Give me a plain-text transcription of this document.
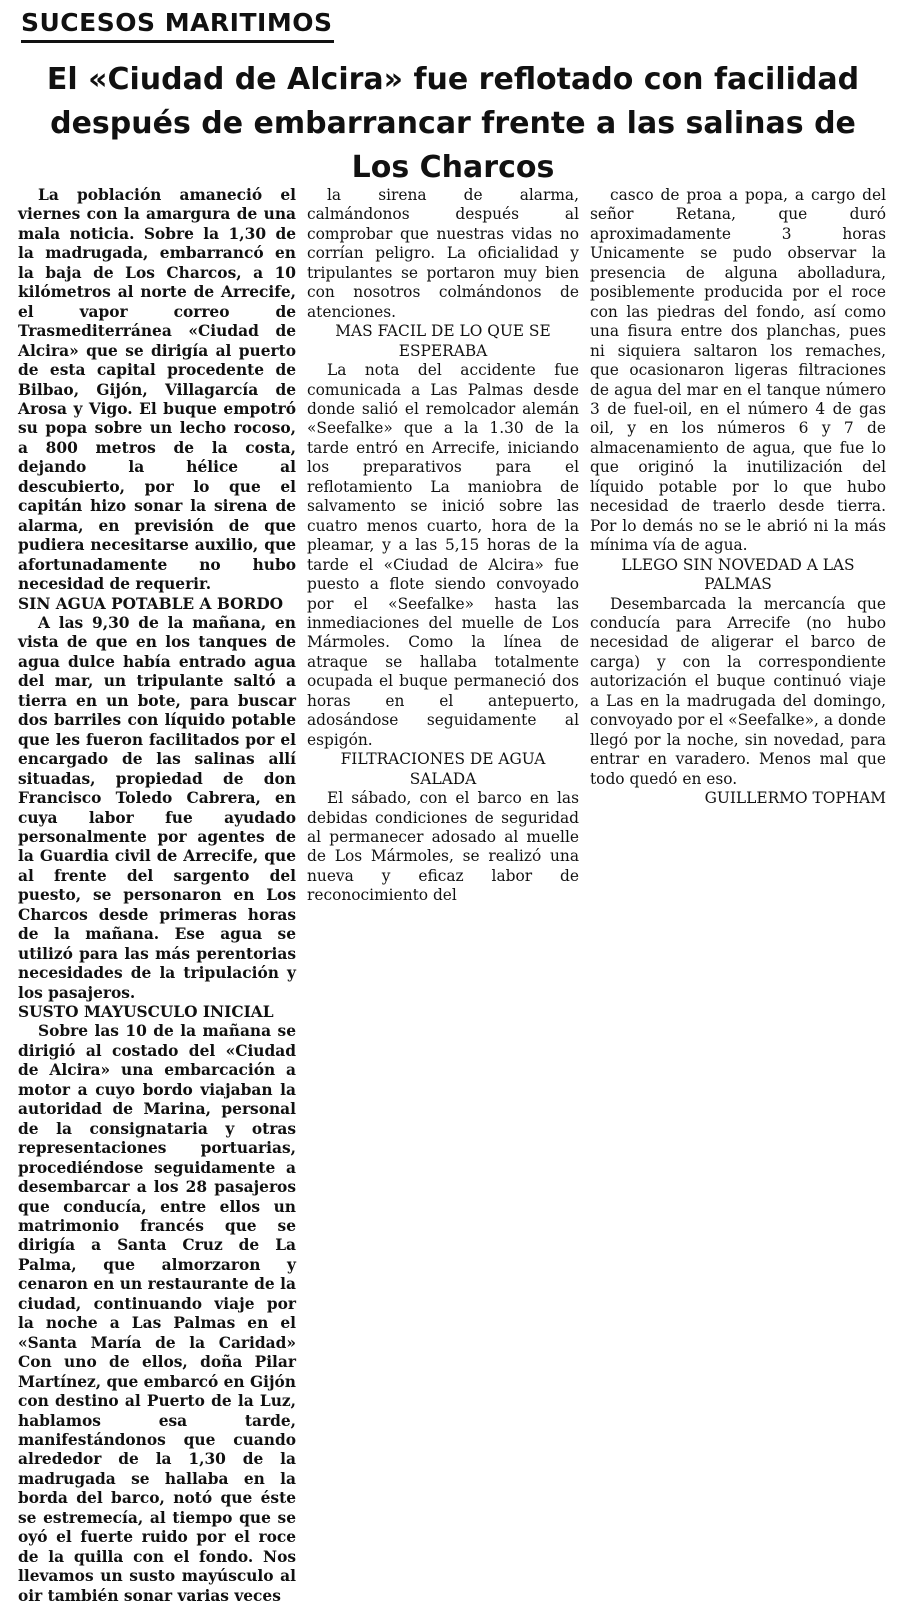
SUCESOS MARITIMOS
El «Ciudad de Alcira» fue reflotado con facilidad
después de embarrancar frente a las salinas de
Los Charcos

La población amaneció el viernes con la amargura de una mala noticia. Sobre la 1,30 de la madrugada, embarrancó en la baja de Los Charcos, a 10 kilómetros al norte de Arrecife, el vapor correo de Trasmediterránea «Ciudad de Alcira» que se dirigía al puerto de esta capital procedente de Bilbao, Gijón, Villagarcía de Arosa y Vigo. El buque empotró su popa sobre un lecho rocoso, a 800 metros de la costa, dejando la hélice al descubierto, por lo que el capitán hizo sonar la sirena de alarma, en previsión de que pudiera necesitarse auxilio, que afortunadamente no hubo necesidad de requerir.

SIN AGUA POTABLE A BORDO

A las 9,30 de la mañana, en vista de que en los tanques de agua dulce había entrado agua del mar, un tripulante saltó a tierra en un bote, para buscar dos barriles con líquido potable que les fueron facilitados por el encargado de las salinas allí situadas, propiedad de don Francisco Toledo Cabrera, en cuya labor fue ayudado personalmente por agentes de la Guardia civil de Arrecife, que al frente del sargento del puesto, se personaron en Los Charcos desde primeras horas de la mañana. Ese agua se utilizó para las más perentorias necesidades de la tripulación y los pasajeros.

SUSTO MAYUSCULO INICIAL

Sobre las 10 de la mañana se dirigió al costado del «Ciudad de Alcira» una embarcación a motor a cuyo bordo viajaban la autoridad de Marina, personal de la consignataria y otras representaciones portuarias, procediéndose seguidamente a desembarcar a los 28 pasajeros que conducía, entre ellos un matrimonio francés que se dirigía a Santa Cruz de La Palma, que almorzaron y cenaron en un restaurante de la ciudad, continuando viaje por la noche a Las Palmas en el «Santa María de la Caridad» Con uno de ellos, doña Pilar Martínez, que embarcó en Gijón con destino al Puerto de la Luz, hablamos esa tarde, manifestándonos que cuando alrededor de la 1,30 de la madrugada se hallaba en la borda del barco, notó que éste se estremecía, al tiempo que se oyó el fuerte ruido por el roce de la quilla con el fondo. Nos llevamos un susto mayúsculo al oir también sonar varias veces

la sirena de alarma, calmándonos después al comprobar que nuestras vidas no corrían peligro. La oficialidad y tripulantes se portaron muy bien con nosotros colmándonos de atenciones.

MAS FACIL DE LO QUE SE ESPERABA

La nota del accidente fue comunicada a Las Palmas desde donde salió el remolcador alemán «Seefalke» que a la 1.30 de la tarde entró en Arrecife, iniciando los preparativos para el reflotamiento La maniobra de salvamento se inició sobre las cuatro menos cuarto, hora de la pleamar, y a las 5,15 horas de la tarde el «Ciudad de Alcira» fue puesto a flote siendo convoyado por el «Seefalke» hasta las inmediaciones del muelle de Los Mármoles. Como la línea de atraque se hallaba totalmente ocupada el buque permaneció dos horas en el antepuerto, adosándose seguidamente al espigón.

FILTRACIONES DE AGUA SALADA

El sábado, con el barco en las debidas condiciones de seguridad al permanecer adosado al muelle de Los Mármoles, se realizó una nueva y eficaz labor de reconocimiento del

casco de proa a popa, a cargo del señor Retana, que duró aproximadamente 3 horas Unicamente se pudo observar la presencia de alguna abolladura, posiblemente producida por el roce con las piedras del fondo, así como una fisura entre dos planchas, pues ni siquiera saltaron los remaches, que ocasionaron ligeras filtraciones de agua del mar en el tanque número 3 de fuel-oil, en el número 4 de gas oil, y en los números 6 y 7 de almacenamiento de agua, que fue lo que originó la inutilización del líquido potable por lo que hubo necesidad de traerlo desde tierra. Por lo demás no se le abrió ni la más mínima vía de agua.

LLEGO SIN NOVEDAD A LAS PALMAS

Desembarcada la mercancía que conducía para Arrecife (no hubo necesidad de aligerar el barco de carga) y con la correspondiente autorización el buque continuó viaje a Las en la madrugada del domingo, convoyado por el «Seefalke», a donde llegó por la noche, sin novedad, para entrar en varadero. Menos mal que todo quedó en eso.

GUILLERMO TOPHAM
